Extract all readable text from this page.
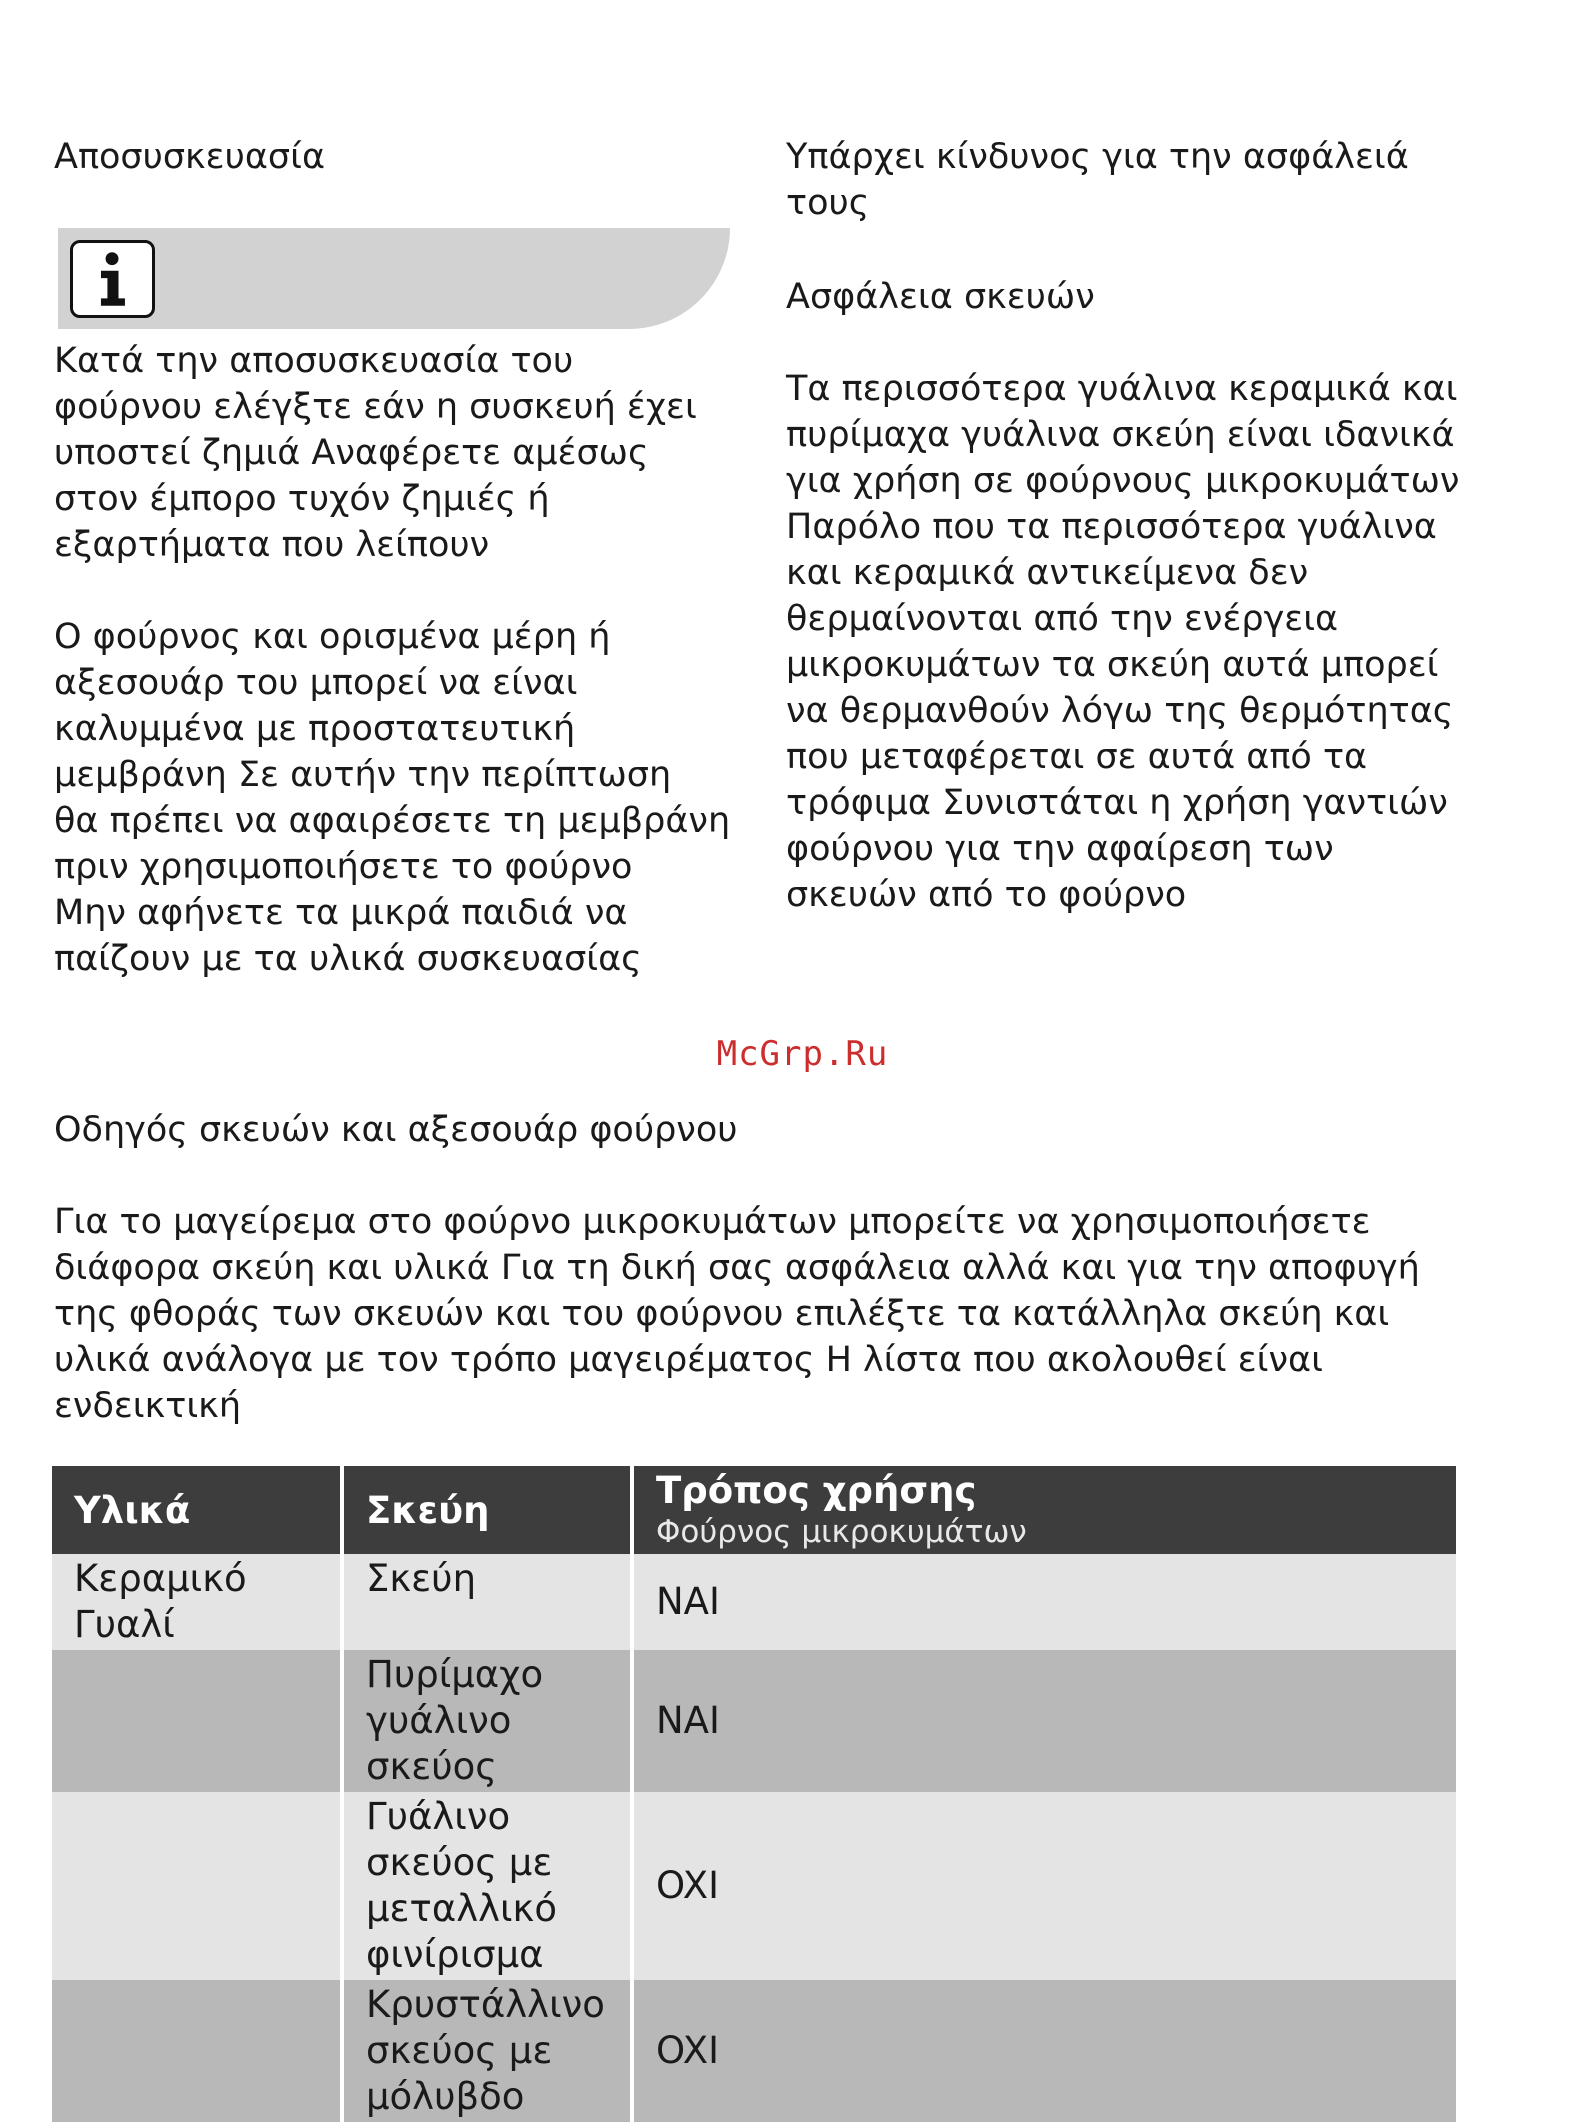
Αποσυσκευασία

Κατά την αποσυσκευασία του
φούρνου ελέγξτε εάν η συσκευή έχει
υποστεί ζημιά Αναφέρετε αμέσως
στον έμπορο τυχόν ζημιές ή
εξαρτήματα που λείπουν

Ο φούρνος και ορισμένα μέρη ή
αξεσουάρ του μπορεί να είναι
καλυμμένα με προστατευτική
μεμβράνη Σε αυτήν την περίπτωση
θα πρέπει να αφαιρέσετε τη μεμβράνη
πριν χρησιμοποιήσετε το φούρνο
Μην αφήνετε τα μικρά παιδιά να
παίζουν με τα υλικά συσκευασίας

Υπάρχει κίνδυνος για την ασφάλειά
τους

Ασφάλεια σκευών

Τα περισσότερα γυάλινα κεραμικά και
πυρίμαχα γυάλινα σκεύη είναι ιδανικά
για χρήση σε φούρνους μικροκυμάτων
Παρόλο που τα περισσότερα γυάλινα
και κεραμικά αντικείμενα δεν
θερμαίνονται από την ενέργεια
μικροκυμάτων τα σκεύη αυτά μπορεί
να θερμανθούν λόγω της θερμότητας
που μεταφέρεται σε αυτά από τα
τρόφιμα Συνιστάται η χρήση γαντιών
φούρνου για την αφαίρεση των
σκευών από το φούρνο

McGrp.Ru

Οδηγός σκευών και αξεσουάρ φούρνου

Για το μαγείρεμα στο φούρνο μικροκυμάτων μπορείτε να χρησιμοποιήσετε
διάφορα σκεύη και υλικά Για τη δική σας ασφάλεια αλλά και για την αποφυγή
της φθοράς των σκευών και του φούρνου επιλέξτε τα κατάλληλα σκεύη και
υλικά ανάλογα με τον τρόπο μαγειρέματος Η λίστα που ακολουθεί είναι
ενδεικτική

Υλικά	Σκεύη	Τρόπος χρήσης
Φούρνος μικροκυμάτων

Κεραμικό
Γυαλί	Σκεύη	NAI
	Πυρίμαχο
γυάλινο
σκεύος	NAI
	Γυάλινο
σκεύος με
μεταλλικό
φινίρισμα	OXI
	Κρυστάλλινο
σκεύος με
μόλυβδο	OXI
